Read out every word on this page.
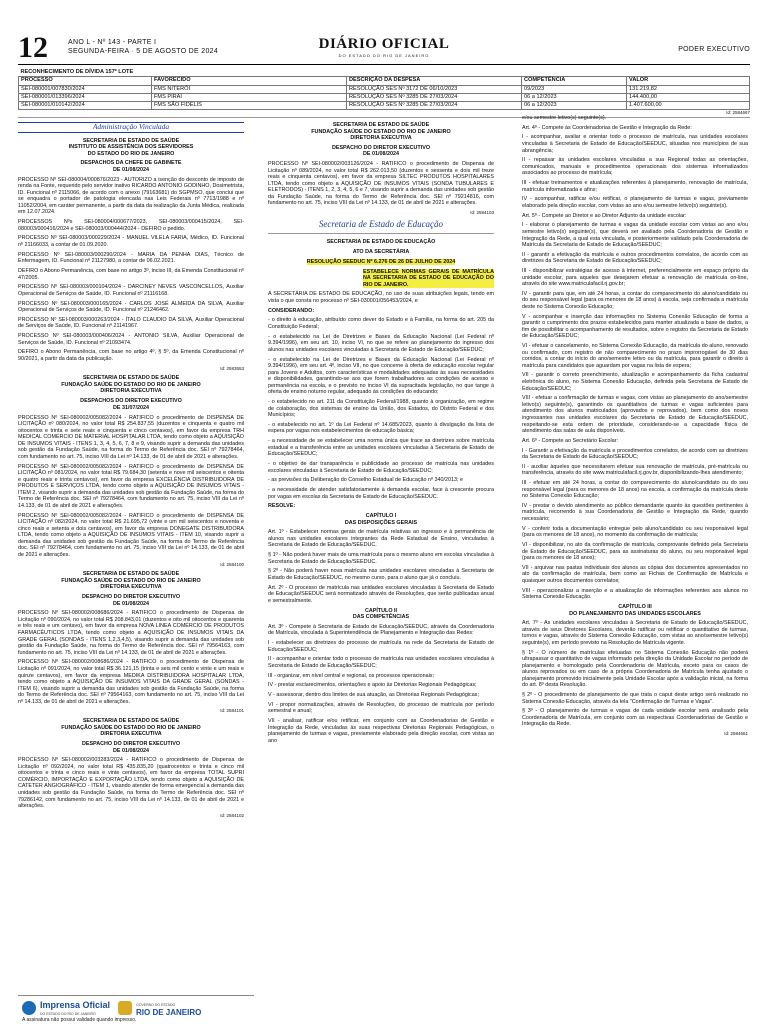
12	ANO L - Nº 143 - PARTE I
SEGUNDA-FEIRA · 5 DE AGOSTO DE 2024	DIÁRIO OFICIAL
DO ESTADO DO RIO DE JANEIRO
PODER EXECUTIVO
RECONHECIMENTO DE DÍVIDA 157º LOTE				
PROCESSO	FAVORECIDO	DESCRIÇÃO DA DESPESA	COMPETÊNCIA	VALOR
SEI-080001/007830/2024	FMS NITERÓI	RESOLUÇÃO SES Nº 3172 DE 06/10/2023	09/2023	131.219,82
SEI-080001/013396/2024	FMS PIRAI	RESOLUÇÃO SES Nº 3285 DE 27/03/2024	06 a 12/2023	144.400,00
SEI-080001/010142/2024	FMS SÃO FIDÉLIS	RESOLUÇÃO SES Nº 3285 DE 27/03/2024	06 a 12/2023	1.407.600,00
Id: 2584667
Administração Vinculada

SECRETARIA DE ESTADO DE SAÚDE
INSTITUTO DE ASSISTÊNCIA DOS SERVIDORES
DO ESTADO DO RIO DE JANEIRO

DESPACHOS DA CHEFE DE GABINETE
DE 01/08/2024

PROCESSO Nº SEI-080004/000876/2023 - AUTORIZO a isenção do desconto de imposto de renda na Fonte, requerido pelo servidor inativo RICARDO ANTONIO GODINHO, Dosimetrista, ID. Funcional nº 2115066, de acordo com o anexo (79163681) do SGPMSO, que conclui que se enquadra o portador de patologia elencada nas Leis Federais nº 7713/1988 e nº 11052/2004, em caráter permanente, a partir da data da realização da Junta Médica, realizada em 12.07.2024.

PROCESSOS Nºs SEI-080004/000677/2023, SEI-080003/000415/2024, SEI-080003/000416/2024 e SEI-080003/000444/2024 - DEFIRO o pedido.

PROCESSO Nº SEI-080003/000229/2024 - MANUEL VILELA FARIA, Médico, ID. Funcional nº 21166033, a contar de 01.09.2020.

PROCESSO Nº SEI-080003/000290/2024 - MARIA DA PENHA DIAS, Técnico de Enfermagem, ID. Funcional nº 21127980, a contar de 06.02.2021.

DEFIRO o Abono Permanência, com base no artigo 3º, inciso III, da Emenda Constitucional nº 47/2005.

PROCESSO Nº SEI-080003/000104/2024 - DARCINEY NEVES VASCONCELLOS, Auxiliar Operacional de Serviços de Saúde, ID. Funcional nº 21116168.

PROCESSO Nº SEI-080003/000165/2024 - CARLOS JOSÉ ALMEIDA DA SILVA, Auxiliar Operacional de Serviços de Saúde, ID. Funcional nº 21246462.

PROCESSO Nº SEI-080003/000263/2024 - ÍTALO CLAUDIO DA SILVA, Auxiliar Operacional de Serviços de Saúde, ID. Funcional nº 21141967.

PROCESSO Nº SEI-080003/000406/2024 - ANTONIO SILVA, Auxiliar Operacional de Serviços de Saúde, ID. Funcional nº 21093474.

DEFIRO o Abono Permanência, com base no artigo 4º, § 5º, da Emenda Constitucional nº 90/2021, a partir da data da publicação.

Id: 2583553

SECRETARIA DE ESTADO DE SAÚDE
FUNDAÇÃO SAÚDE DO ESTADO DO RIO DE JANEIRO
DIRETORIA EXECUTIVA

DESPACHOS DO DIRETOR EXECUTIVO
DE 31/07/2024

PROCESSO Nº SEI-080002/005082/2024 - RATIFICO o procedimento de DISPENSA DE LICITAÇÃO nº 080/2024, no valor total R$ 254.837,55 (duzentos e cinquenta e quatro mil oitocentos e trinta e sete reais e cinquenta e cinco centavos), em favor da empresa TRH MEDICAL COMÉRCIO DE MATERIAL HOSPITALAR LTDA, tendo como objeto a AQUISIÇÃO DE INSUMOS VITAIS - ITENS 1, 3, 4, 5, 6, 7, 8 e 9, visando suprir a demanda das unidades sob gestão da Fundação Saúde, na forma do Termo de Referência doc. SEI nº 79278464, com fundamento no art. 75, inciso VIII da Lei nº 14.133, de 01 de abril de 2021 e alterações.

PROCESSO Nº SEI-080002/005082/2024 - RATIFICO o procedimento de DISPENSA DE LICITAÇÃO nº 081/2024, no valor total R$ 79.684,30 (setenta e nove mil seiscentos e oitenta e quatro reais e trinta centavos), em favor da empresa EXCELÊNCIA DISTRIBUIDORA DE PRODUTOS E SERVIÇOS LTDA, tendo como objeto a AQUISIÇÃO DE INSUMOS VITAIS - ITEM 2, visando suprir a demanda das unidades sob gestão da Fundação Saúde, na forma do Termo de Referência doc. SEI nº 79278464, com fundamento no art. 75, inciso VIII da Lei nº 14.133, de 01 de abril de 2021 e alterações.

PROCESSO Nº SEI-080002/005082/2024 - RATIFICO o procedimento de DISPENSA DE LICITAÇÃO nº 082/2024, no valor total R$ 21.695,72 (vinte e um mil seiscentos e noventa e cinco reais e setenta e dois centavos), em favor da empresa DONEGATE DISTRIBUIDORA LTDA, tendo como objeto a AQUISIÇÃO DE INSUMOS VITAIS - ITEM 10, visando suprir a demanda das unidades sob gestão da Fundação Saúde, na forma do Termo de Referência doc. SEI nº 79278464, com fundamento no art. 75, inciso VIII da Lei nº 14.133, de 01 de abril de 2021 e alterações.

Id: 2584100

SECRETARIA DE ESTADO DE SAÚDE
FUNDAÇÃO SAÚDE DO ESTADO DO RIO DE JANEIRO
DIRETORIA EXECUTIVA

DESPACHO DO DIRETOR EXECUTIVO
DE 01/08/2024

PROCESSO Nº SEI-080002/008686/2024 - RATIFICO o procedimento de Dispensa de Licitação nº 090/2024, no valor total R$ 208.843,01 (duzentos e oito mil oitocentos e quarenta e três reais e um centavo), em favor da empresa NOVA LINEA COMÉRCIO DE PRODUTOS FARMACÊUTICOS LTDA, tendo como objeto a AQUISIÇÃO DE INSUMOS VITAIS DA GRADE GERAL (SONDAS - ITENS 1,2,3,4,5), visando suprir a demanda das unidades sob gestão da Fundação Saúde, na forma do Termo de Referência doc. SEI nº 79564163, com fundamento no art. 75, inciso VIII da Lei nº 14.133, de 01 de abril de 2021 e alterações.

PROCESSO Nº SEI-080002/008686/2024 - RATIFICO o procedimento de Dispensa de Licitação nº 091/2024, no valor total R$ 36.121,15 (trinta e seis mil cento e vinte e um reais e quinze centavos), em favor da empresa MEDIKA DISTRIBUIDORA HOSPITALAR LTDA, tendo como objeto a AQUISIÇÃO DE INSUMOS VITAIS DA GRADE GERAL (SONDAS - ITEM 6), visando suprir a demanda das unidades sob gestão da Fundação Saúde, na forma do Termo de Referência doc. SEI nº 79564163, com fundamento no art. 75, inciso VIII da Lei nº 14.133, de 01 de abril de 2021 e alterações.

Id: 2584101

SECRETARIA DE ESTADO DE SAÚDE
FUNDAÇÃO SAÚDE DO ESTADO DO RIO DE JANEIRO
DIRETORIA EXECUTIVA

DESPACHO DO DIRETOR EXECUTIVO
DE 01/08/2024

PROCESSO Nº SEI-080002/003283/2024 - RATIFICO o procedimento de Dispensa de Licitação nº 092/2024, no valor total R$ 435.835,20 (quatrocentos e trinta e cinco mil oitocentos e trinta e cinco reais e vinte centavos), em favor da empresa TOTAL SUPRI COMÉRCIO, IMPORTAÇÃO E EXPORTAÇÃO LTDA, tendo como objeto a AQUISIÇÃO DE CATETER ANGIOGRÁFICO - ITEM 1, visando atender de forma emergencial a demanda das unidades sob gestão da Fundação Saúde, na forma do Termo de Referência doc. SEI nº 79286142, com fundamento no art. 75, inciso VIII da Lei nº 14.133, de 01 de abril de 2021 e alterações.

Id: 2584102

SECRETARIA DE ESTADO DE SAÚDE
FUNDAÇÃO SAÚDE DO ESTADO DO RIO DE JANEIRO
DIRETORIA EXECUTIVA

DESPACHO DO DIRETOR EXECUTIVO
DE 01/08/2024

PROCESSO Nº SEI-080002/003126/2024 - RATIFICO o procedimento de Dispensa de Licitação nº 089/2024, no valor total R$ 262.013,50 (duzentos e sessenta e dois mil treze reais e cinquenta centavos), em favor da empresa SILTEC PRODUTOS HOSPITALARES LTDA, tendo como objeto a AQUISIÇÃO DE INSUMOS VITAIS (SONDA TUBULARES E ELETRODOS) - ITENS 1, 2, 3, 4, 5, 6 e 7, visando suprir a demanda das unidades sob gestão da Fundação Saúde, na forma do Termo de Referência doc. SEI nº 79214816, com fundamento no art. 75, inciso VIII da Lei nº 14.133, de 01 de abril de 2021 e alterações.

Id: 2584103

Secretaria de Estado de Educação

SECRETARIA DE ESTADO DE EDUCAÇÃO

ATO DA SECRETÁRIA

RESOLUÇÃO SEEDUC Nº 6.276 DE 26 DE JULHO DE 2024

ESTABELECE NORMAS GERAIS DE MATRÍCULA NA SECRETARIA DE ESTADO DE EDUCAÇÃO DO RIO DE JANEIRO.

A SECRETÁRIA DE ESTADO DE EDUCAÇÃO, no uso de suas atribuições legais, tendo em vista o que consta no processo nº SEI-030001/056453/2024, e

CONSIDERANDO:

- o direito à educação, atribuído como dever do Estado e à Família, na forma do art. 205 da Constituição Federal;

- o estabelecido na Lei de Diretrizes e Bases da Educação Nacional (Lei Federal nº 9.394/1996), em seu art. 10, inciso VI, no que se refere ao planejamento do ingresso dos alunos nas unidades escolares vinculadas à Secretaria de Estado de Educação/SEEDUC;

- o estabelecido na Lei de Diretrizes e Bases da Educação Nacional (Lei Federal nº 9.394/1996), em seu art. 4º, inciso VII, no que concerne à oferta de educação escolar regular para Jovens e Adultos, com características e modalidades adequadas às suas necessidades e disponibilidades, garantindo-se aos que forem trabalhadores as condições de acesso e permanência na escola, e o previsto no inciso VI da supracitada legislação, no que tange à oferta de ensino noturno regular, adequado às condições do educando;

- o estabelecido no art. 211 da Constituição Federal/1988, quanto à organização, em regime de colaboração, dos sistemas de ensino da União, dos Estados, do Distrito Federal e dos Municípios;

- o estabelecido no art. 1º da Lei Federal nº 14.685/2023, quanto à divulgação da lista de espera por vagas nos estabelecimentos de educação básica;

- a necessidade de se estabelecer uma norma única que trace as diretrizes sobre matrícula estadual e a transferência entre as unidades escolares vinculadas à Secretaria de Estado de Educação/SEEDUC;

- o objetivo de dar transparência e publicidade ao processo de matrícula nas unidades escolares vinculadas à Secretaria de Estado de Educação/SEEDUC;

- as previsões da Deliberação do Conselho Estadual de Educação nº 340/2013; e

- a necessidade de atender satisfatoriamente à demanda escolar, face à crescente procura por vagas em escolas da Secretaria de Estado de Educação/SEEDUC.

RESOLVE:

CAPÍTULO I
DAS DISPOSIÇÕES GERAIS

Art. 1º - Estabelecer normas gerais de matrícula relativas ao ingresso e à permanência de alunos nas unidades escolares integrantes da Rede Estadual de Ensino, vinculadas à Secretaria de Estado de Educação/SEEDUC.

§ 1º - Não poderá haver mais de uma matrícula para o mesmo aluno em escolas vinculadas à Secretaria de Estado de Educação/SEEDUC.

§ 2º - Não poderá haver nova matrícula nas unidades escolares vinculadas à Secretaria de Estado de Educação/SEEDUC, no mesmo curso, para o aluno que já o concluiu.

Art. 2º - O processo de matrícula nas unidades escolares vinculadas à Secretaria de Estado de Educação/SEEDUC será normatizado através de Resoluções, que serão publicadas anual e semestralmente.

CAPÍTULO II
DAS COMPETÊNCIAS

Art. 3º - Compete à Secretaria de Estado de Educação/SEEDUC, através da Coordenadoria de Matrícula, vinculada à Superintendência de Planejamento e Integração das Redes:

I - estabelecer as diretrizes do processo de matrícula na rede da Secretaria de Estado de Educação/SEEDUC;

II - acompanhar e orientar todo o processo de matrícula nas unidades escolares vinculadas à Secretaria de Estado de Educação/SEEDUC;

III - organizar, em nível central e regional, os processos operacionais;

IV - prestar esclarecimentos, orientações e apoio às Diretorias Regionais Pedagógicas;

V - assessorar, dentro dos limites de sua atuação, as Diretorias Regionais Pedagógicas;

VI - propor normatizações, através de Resoluções, do processo de matrícula por período semestral e anual;

VII - analisar, ratificar e/ou retificar, em conjunto com as Coordenadorias de Gestão e Integração da Rede, vinculadas às suas respectivas Diretorias Regionais Pedagógicas, o planejamento de turmas e vagas, previamente elaborado pela direção escolar, com vistas ao ano

e/ou semestre letivo(s) seguinte(s).

Art. 4º - Compete às Coordenadorias de Gestão e Integração da Rede:

I - acompanhar, avaliar e orientar todo o processo de matrícula, nas unidades escolares vinculadas à Secretaria de Estado de Educação/SEEDUC, situadas nos municípios de sua abrangência;

II - repassar às unidades escolares vinculadas a sua Regional todas as orientações, comunicados, manuais e procedimentos operacionais dos sistemas informatizados associados ao processo de matrícula;

III - efetuar treinamentos e atualizações referentes à planejamento, renovação de matrícula, matrícula informatizada e afins;

IV - acompanhar, ratificar e/ou retificar, o planejamento de turmas e vagas, previamente elaborado pela direção escolar, com vistas ao ano e/ou semestre letivo(s) seguinte(s).

Art. 5º - Compete ao Diretor e ao Diretor Adjunto da unidade escolar:

I - elaborar o planejamento de turmas e vagas da unidade escolar com vistas ao ano e/ou semestre letivo(s) seguinte(s), que deverá ser avaliado pela Coordenadoria de Gestão e Integração da Rede, a qual esta vinculada, e posteriormente validado pela Coordenadoria de Matrícula da Secretaria de Estado de Educação/SEEDUC;

II - garantir a efetivação da matrícula e outros procedimentos correlatos, de acordo com as diretrizes da Secretaria de Estado de Educação/SEEDUC;

III - disponibilizar estratégias de acesso à internet, preferencialmente em espaço próprio da unidade escolar, para aqueles que desejarem efetuar a renovação de matrícula on-line, através do site www.matriculafacil.rj.gov.br;

IV - garantir para que, em até 24 horas, a contar do comparecimento do aluno/candidato ou do seu responsável legal (para os menores de 18 anos) à escola, seja confirmada a matrícula deste no Sistema Conexão Educação;

V - acompanhar e inserção das informações no Sistema Conexão Educação de forma a garantir o cumprimento dos prazos estabelecidos para manter atualizada a base de dados, a fim de possibilitar o acompanhamento de resultados, sobre o registro da Secretaria de Estado de Educação/SEEDUC;

VI - efetuar o cancelamento, no Sistema Conexão Educação, da matrícula do aluno, renovado ou confirmado, com registro de não comparecimento no prazo improrrogável de 30 dias corridos, a contar do início do ano/semestre letivo ou da matrícula, para garantir o direito à matrícula para candidatos que aguardam por vagas na lista de espera;

VII - garantir o correto preenchimento, atualização e acompanhamento da ficha cadastral eletrônica do aluno, no Sistema Conexão Educação, definida pela Secretaria de Estado de Educação/SEEDUC;

VIII - efetuar a confirmação de turmas e vagas, com vistas ao planejamento do ano/semestre letivo(s) seguinte(s), garantindo os quantitativos de turmas e vagas suficientes para atendimento dos alunos matriculados (aprovados e reprovados), bem como dos novos ingressantes nas unidades escolares da Secretaria de Estado de Educação/SEEDUC, respeitando-se esta ordem de prioridade, considerando-se a capacidade física de atendimento das salas de aula disponíveis.

Art. 6º - Compete ao Secretário Escolar:

I - Garantir a efetivação da matrícula e procedimentos correlatos, de acordo com as diretrizes da Secretaria de Estado de Educação/SEEDUC;

II - auxiliar àqueles que necessitarem efetuar sua renovação de matrícula, pré-matrícula ou transferência, através do site www.matriculafacil.rj.gov.br, disponibilizando-lhes atendimento;

III - efetuar em até 24 horas, a contar do comparecimento do aluno/candidato ou do seu responsável legal (para os menores de 18 anos) na escola, a confirmação da matrícula deste no Sistema Conexão Educação;

IV - prestar o devido atendimento ao público demandante quanto às questões pertinentes à matrícula, recorrendo à sua Coordenadoria de Gestão e Integração da Rede, quando necessário;

V - conferir toda a documentação entregue pelo aluno/candidato ou seu responsável legal (para os menores de 18 anos), no momento da confirmação de matrícula;

VI - disponibilizar, no ato da confirmação de matrícula, comprovante definido pela Secretaria de Estado de Educação/SEEDUC, para as assinaturas do aluno, ou seu responsável legal (para os menores de 18 anos);

VII - arquivar nas pastas individuais dos alunos as cópias dos documentos apresentados no ato da confirmação de matrícula, bem como as Fichas de Confirmação de Matrícula e quaisquer outros documentos correlatos;

VIII - operacionalizar a inserção e a atualização de informações referentes aos alunos no Sistema Conexão Educação.

CAPÍTULO III
DO PLANEJAMENTO DAS UNIDADES ESCOLARES

Art. 7º - As unidades escolares vinculadas à Secretaria de Estado de Educação/SEEDUC, através de seus Diretores Escolares, deverão ratificar ou retificar o quantitativo de turmas, turnos e vagas, através do Sistema Conexão Educação, com vistas ao ano/semestre letivo(s) seguinte(s), em período previsto na Resolução de Matrícula vigente.

§ 1º - O número de matrículas efetuadas no Sistema Conexão Educação não poderá ultrapassar o quantitativo de vagas informado pela direção da Unidade Escolar no período de planejamento e homologado pela Coordenadoria de Matrícula, exceto para os casos de alunos reprovados ou em caso de a própria Coordenadoria de Matrícula tenha ajustado o planejamento promovido inicialmente pela Unidade Escolar após a validação inicial, na forma do art. 8º desta Resolução.

§ 2º - O procedimento de planejamento de que trata o caput deste artigo será realizado no Sistema Conexão Educação, através da tela "Confirmação de Turmas e Vagas".

§ 3º - O planejamento de turmas e vagas de cada unidade escolar será analisado pela Coordenadoria de Matrícula, em conjunto com as respectivas Coordenadorias de Gestão e Integração da Rede.

Id: 2584661

Imprensa Oficial
DO ESTADO DO RIO DE JANEIRO
GOVERNO DO ESTADO
RIO DE JANEIRO
A assinatura não possui validade quando impresso.
